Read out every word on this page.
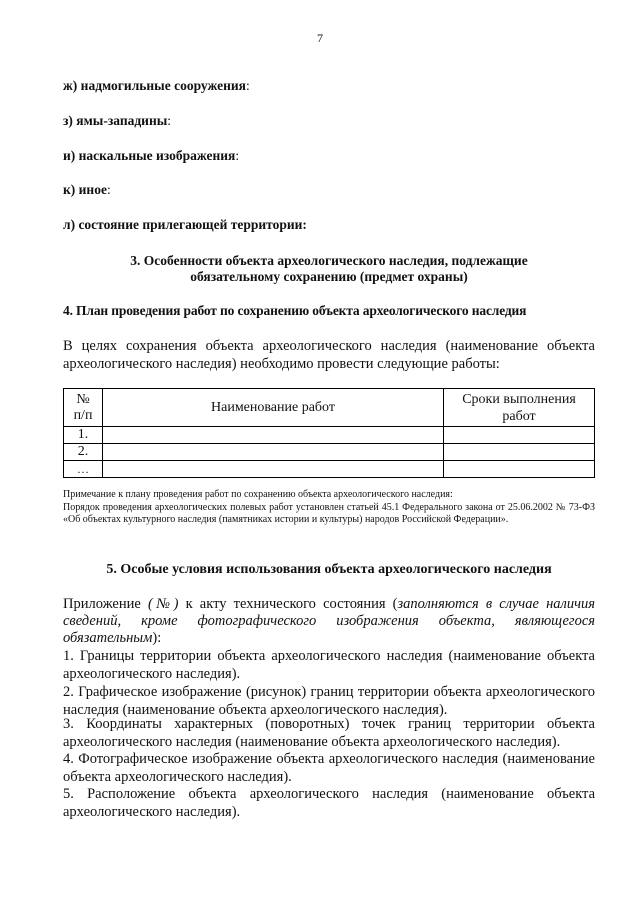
7
ж) надмогильные сооружения:
з) ямы-западины:
и) наскальные изображения:
к) иное:
л) состояние прилегающей территории:
3. Особенности объекта археологического наследия, подлежащие
обязательному сохранению (предмет охраны)
4. План проведения работ по сохранению объекта археологического наследия
В целях сохранения объекта археологического наследия (наименование объекта археологического наследия) необходимо провести следующие работы:
№ п/п	Наименование работ	Сроки выполнения работ
1.		
2.		
…		
Примечание к плану проведения работ по сохранению объекта археологического наследия:
Порядок проведения археологических полевых работ установлен статьей 45.1 Федерального закона от 25.06.2002 № 73-ФЗ «Об объектах культурного наследия (памятниках истории и культуры) народов Российской Федерации».
5. Особые условия использования объекта археологического наследия
Приложение (№) к акту технического состояния (заполняются в случае наличия сведений, кроме фотографического изображения объекта, являющегося обязательным):
1. Границы территории объекта археологического наследия (наименование объекта археологического наследия).
2. Графическое изображение (рисунок) границ территории объекта археологического наследия (наименование объекта археологического наследия).
3. Координаты характерных (поворотных) точек границ территории объекта археологического наследия (наименование объекта археологического наследия).
4. Фотографическое изображение объекта археологического наследия (наименование объекта археологического наследия).
5. Расположение объекта археологического наследия (наименование объекта археологического наследия).
